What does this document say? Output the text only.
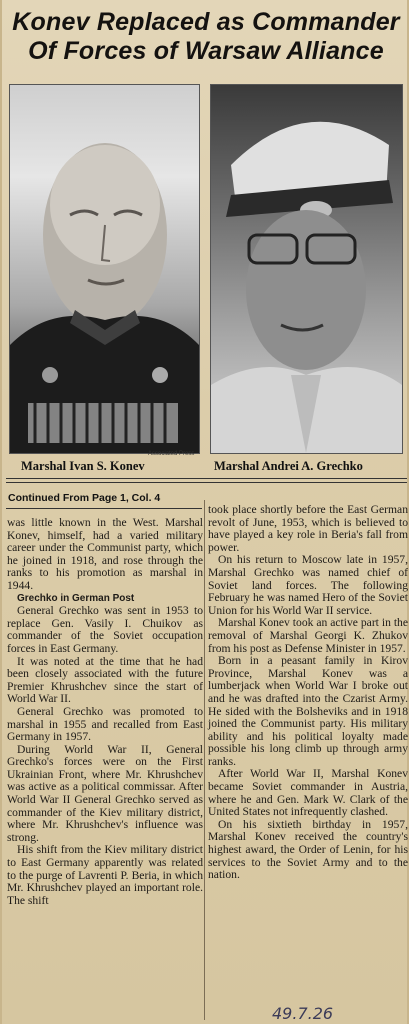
Konev Replaced as Commander Of Forces of Warsaw Alliance
Associated Press
Marshal Ivan S. Konev	Marshal Andrei A. Grechko
Continued From Page 1, Col. 4

was little known in the West. Marshal Konev, himself, had a varied military career under the Communist party, which he joined in 1918, and rose through the ranks to his promotion as marshal in 1944.

Grechko in German Post

General Grechko was sent in 1953 to replace Gen. Vasily I. Chuikov as commander of the Soviet occupation forces in East Germany.

It was noted at the time that he had been closely associated with the future Premier Khrushchev since the start of World War II.

General Grechko was promoted to marshal in 1955 and recalled from East Germany in 1957.

During World War II, General Grechko's forces were on the First Ukrainian Front, where Mr. Khrushchev was active as a political commissar. After World War II General Grechko served as commander of the Kiev military district, where Mr. Khrushchev's influence was strong.

His shift from the Kiev military district to East Germany apparently was related to the purge of Lavrenti P. Beria, in which Mr. Khrushchev played an important role. The shift

took place shortly before the East German revolt of June, 1953, which is believed to have played a key role in Beria's fall from power.

On his return to Moscow late in 1957, Marshal Grechko was named chief of Soviet land forces. The following February he was named Hero of the Soviet Union for his World War II service.

Marshal Konev took an active part in the removal of Marshal Georgi K. Zhukov from his post as Defense Minister in 1957.

Born in a peasant family in Kirov Province, Marshal Konev was a lumberjack when World War I broke out and he was drafted into the Czarist Army. He sided with the Bolsheviks and in 1918 joined the Communist party. His military ability and his political loyalty made possible his long climb up through army ranks.

After World War II, Marshal Konev became Soviet commander in Austria, where he and Gen. Mark W. Clark of the United States not infrequently clashed.

On his sixtieth birthday in 1957, Marshal Konev received the country's highest award, the Order of Lenin, for his services to the Soviet Army and to the nation.

49.7.26
